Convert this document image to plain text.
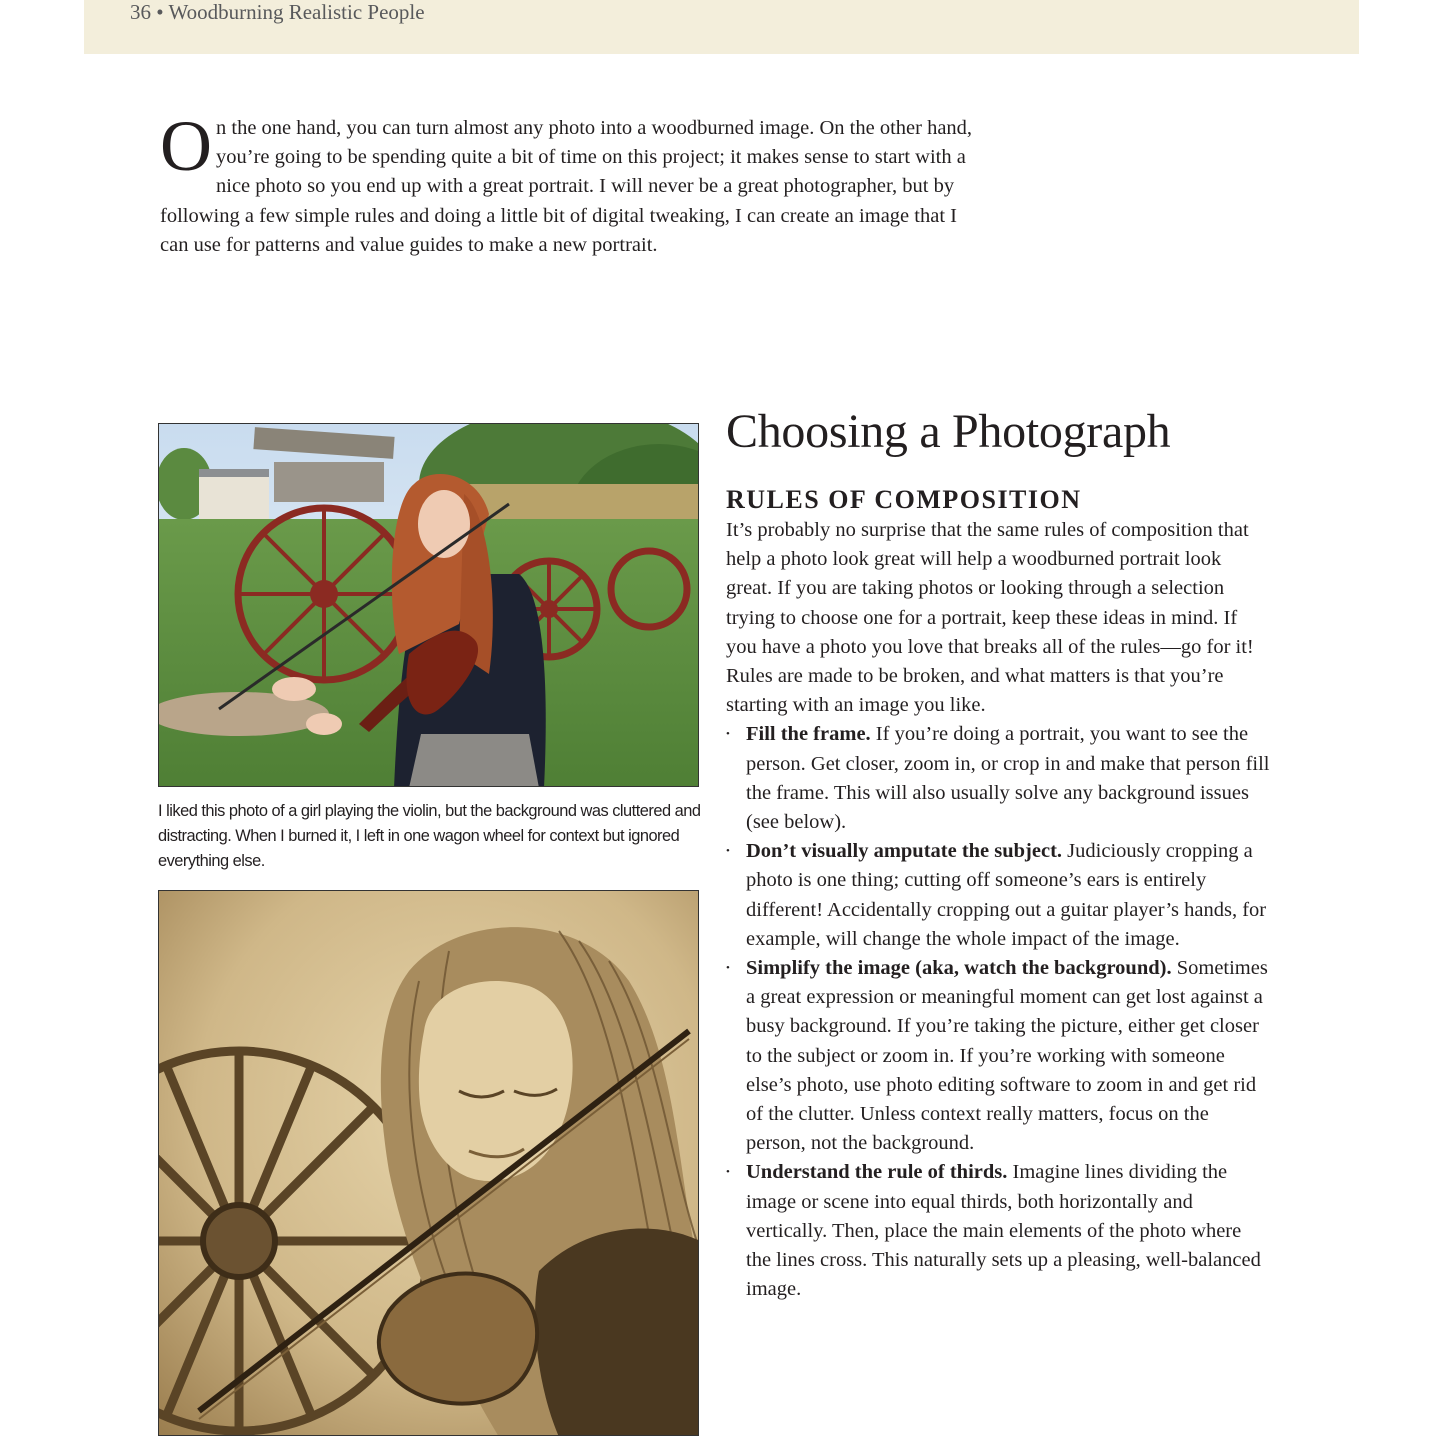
36 • Woodburning Realistic People
On the one hand, you can turn almost any photo into a woodburned image. On the other hand, you’re going to be spending quite a bit of time on this project; it makes sense to start with a nice photo so you end up with a great portrait. I will never be a great photographer, but by following a few simple rules and doing a little bit of digital tweaking, I can create an image that I can use for patterns and value guides to make a new portrait.
I liked this photo of a girl playing the violin, but the background was cluttered and distracting. When I burned it, I left in one wagon wheel for context but ignored everything else.
Choosing a Photograph
RULES OF COMPOSITION

It’s probably no surprise that the same rules of composition that help a photo look great will help a woodburned portrait look great. If you are taking photos or looking through a selection trying to choose one for a portrait, keep these ideas in mind. If you have a photo you love that breaks all of the rules—go for it! Rules are made to be broken, and what matters is that you’re starting with an image you like.

• Fill the frame. If you’re doing a portrait, you want to see the person. Get closer, zoom in, or crop in and make that person fill the frame. This will also usually solve any background issues (see below).
• Don’t visually amputate the subject. Judiciously cropping a photo is one thing; cutting off someone’s ears is entirely different! Accidentally cropping out a guitar player’s hands, for example, will change the whole impact of the image.
• Simplify the image (aka, watch the background). Sometimes a great expression or meaningful moment can get lost against a busy background. If you’re taking the picture, either get closer to the subject or zoom in. If you’re working with someone else’s photo, use photo editing software to zoom in and get rid of the clutter. Unless context really matters, focus on the person, not the background.
• Understand the rule of thirds. Imagine lines dividing the image or scene into equal thirds, both horizontally and vertically. Then, place the main elements of the photo where the lines cross. This naturally sets up a pleasing, well-balanced image.
